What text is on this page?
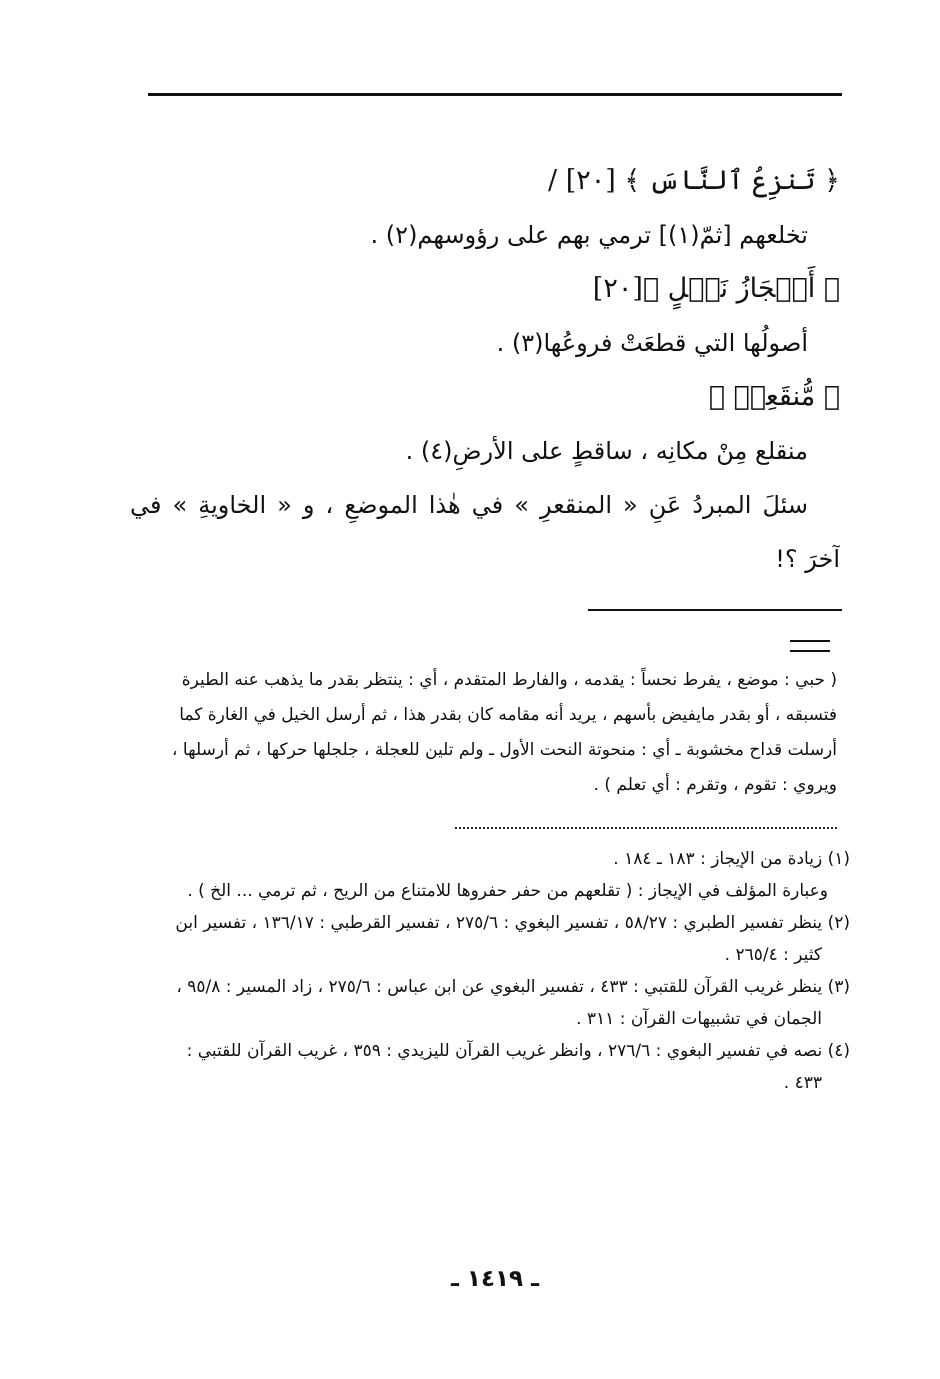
﴿ تَنزِعُ ٱلنَّاسَ ﴾ [٢٠] /
تخلعهم [ثمّ(١)] ترمي بهم على رؤوسهم(٢) .
﴿ أَعۡجَازُ نَخۡلٍ ﴾[٢٠]
أصولُها التي قطعَتْ فروعُها(٣) .
﴿ مُّنقَعِرٖ ﴾
منقلع مِنْ مكانِه ، ساقطٍ على الأرضِ(٤) .
سئلَ المبردُ عَنِ « المنقعرِ » في هٰذا الموضعِ ، و « الخاويةِ » في
آخرَ ؟!
( حبي : موضع ، يفرط نحساً : يقدمه ، والفارط المتقدم ، أي : ينتظر بقدر ما يذهب عنه الطيرة
فتسبقه ، أو بقدر مايفيض بأسهم ، يريد أنه مقامه كان بقدر هذا ، ثم أرسل الخيل في الغارة كما
أرسلت قداح مخشوبة ـ أي : منحوتة النحت الأول ـ ولم تلين للعجلة ، جلجلها حركها ، ثم أرسلها ،
ويروي : تقوم ، وتقرم : أي تعلم ) .
(١) زيادة من الإيجاز : ١٨٣ ـ ١٨٤ .
وعبارة المؤلف في الإيجاز : ( تقلعهم من حفر حفروها للامتناع من الريح ، ثم ترمي ... الخ ) .
(٢) ينظر تفسير الطبري : ٥٨/٢٧ ، تفسير البغوي : ٢٧٥/٦ ، تفسير القرطبي : ١٣٦/١٧ ، تفسير ابن
كثير : ٢٦٥/٤ .
(٣) ينظر غريب القرآن للقتبي : ٤٣٣ ، تفسير البغوي عن ابن عباس : ٢٧٥/٦ ، زاد المسير : ٩٥/٨ ،
الجمان في تشبيهات القرآن : ٣١١ .
(٤) نصه في تفسير البغوي : ٢٧٦/٦ ، وانظر غريب القرآن لليزيدي : ٣٥٩ ، غريب القرآن للقتبي :
٤٣٣ .
ـ ١٤١٩ ـ
